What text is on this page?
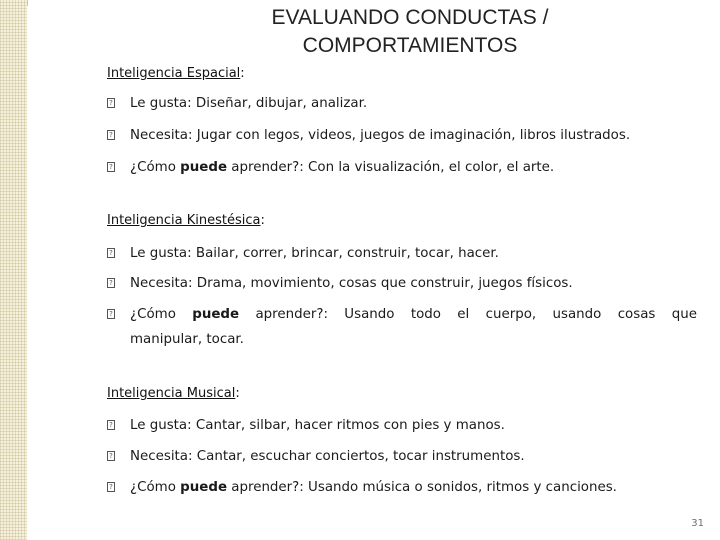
EVALUANDO CONDUCTAS /
COMPORTAMIENTOS
Inteligencia Espacial:
? Le gusta: Diseñar, dibujar, analizar.
? Necesita: Jugar con legos, videos, juegos de imaginación, libros ilustrados.
? ¿Cómo puede aprender?: Con la visualización, el color, el arte.
Inteligencia Kinestésica:
? Le gusta: Bailar, correr, brincar, construir, tocar, hacer.
? Necesita: Drama, movimiento, cosas que construir, juegos físicos.
? ¿Cómo puede aprender?: Usando todo el cuerpo, usando cosas que
manipular, tocar.
Inteligencia Musical:
? Le gusta: Cantar, silbar, hacer ritmos con pies y manos.
? Necesita: Cantar, escuchar conciertos, tocar instrumentos.
? ¿Cómo puede aprender?: Usando música o sonidos, ritmos y canciones.
31
